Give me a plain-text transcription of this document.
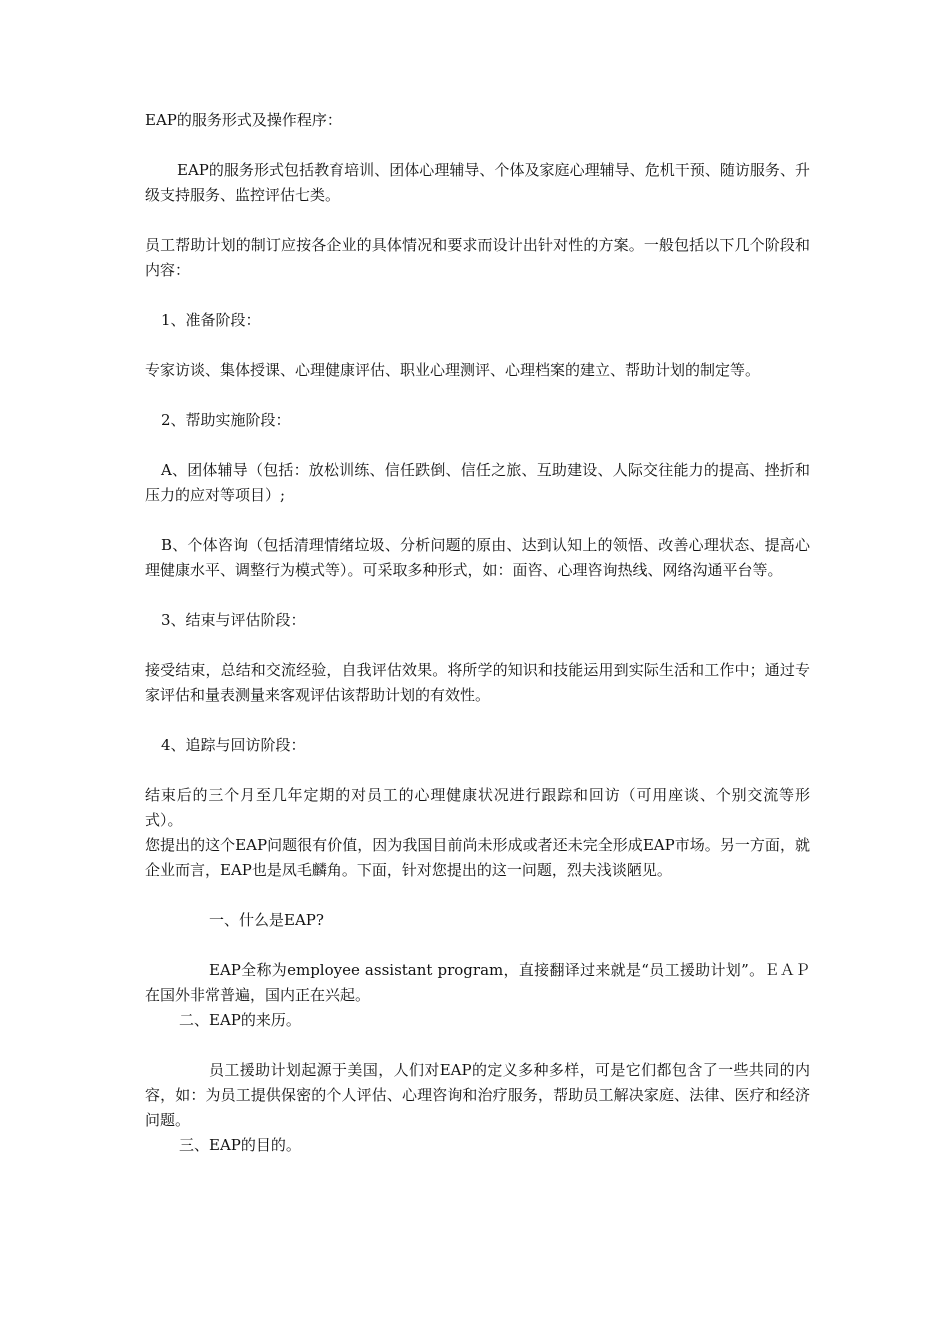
EAP的服务形式及操作程序：

EAP的服务形式包括教育培训、团体心理辅导、个体及家庭心理辅导、危机干预、随访服务、升级支持服务、监控评估七类。

员工帮助计划的制订应按各企业的具体情况和要求而设计出针对性的方案。一般包括以下几个阶段和内容：

1、准备阶段：

专家访谈、集体授课、心理健康评估、职业心理测评、心理档案的建立、帮助计划的制定等。

2、帮助实施阶段：

A、团体辅导（包括：放松训练、信任跌倒、信任之旅、互助建设、人际交往能力的提高、挫折和压力的应对等项目）;

B、个体咨询（包括清理情绪垃圾、分析问题的原由、达到认知上的领悟、改善心理状态、提高心理健康水平、调整行为模式等）。可采取多种形式，如：面咨、心理咨询热线、网络沟通平台等。

3、结束与评估阶段：

接受结束，总结和交流经验，自我评估效果。将所学的知识和技能运用到实际生活和工作中；通过专家评估和量表测量来客观评估该帮助计划的有效性。

4、追踪与回访阶段：

结束后的三个月至几年定期的对员工的心理健康状况进行跟踪和回访（可用座谈、个别交流等形式）。

您提出的这个EAP问题很有价值，因为我国目前尚未形成或者还未完全形成EAP市场。另一方面，就企业而言，EAP也是凤毛麟角。下面，针对您提出的这一问题，烈夫浅谈陋见。

一、什么是EAP?

EAP全称为employee assistant program，直接翻译过来就是“员工援助计划”。ＥＡＰ在国外非常普遍，国内正在兴起。

二、EAP的来历。

员工援助计划起源于美国，人们对EAP的定义多种多样，可是它们都包含了一些共同的内容，如：为员工提供保密的个人评估、心理咨询和治疗服务，帮助员工解决家庭、法律、医疗和经济问题。

三、EAP的目的。
